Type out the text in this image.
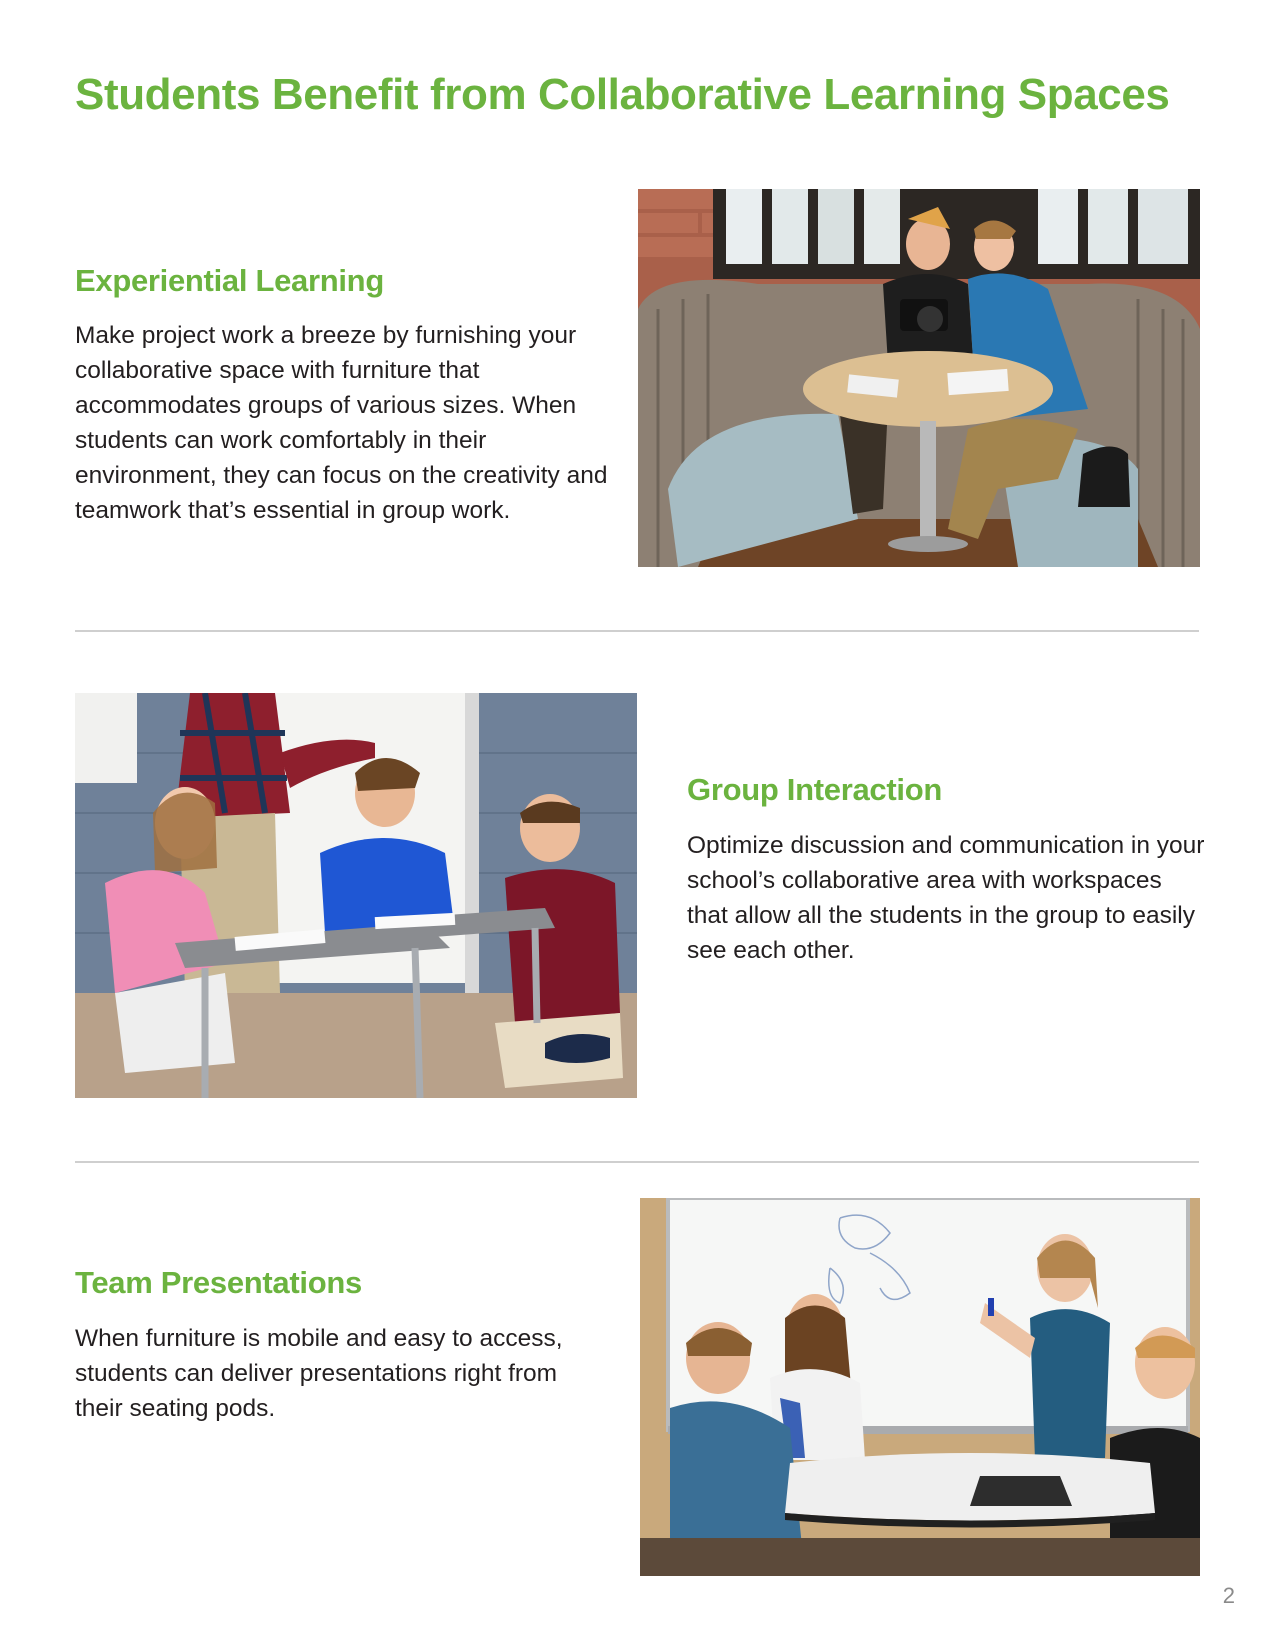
Students Benefit from Collaborative Learning Spaces
Experiential Learning

Make project work a breeze by furnishing your collaborative space with furniture that accommodates groups of various sizes. When students can work comfortably in their environment, they can focus on the creativity and teamwork that’s essential in group work.

Group Interaction

Optimize discussion and communication in your school’s collaborative area with workspaces that allow all the students in the group to easily see each other.

Team Presentations

When furniture is mobile and easy to access, students can deliver presentations right from their seating pods.

2
